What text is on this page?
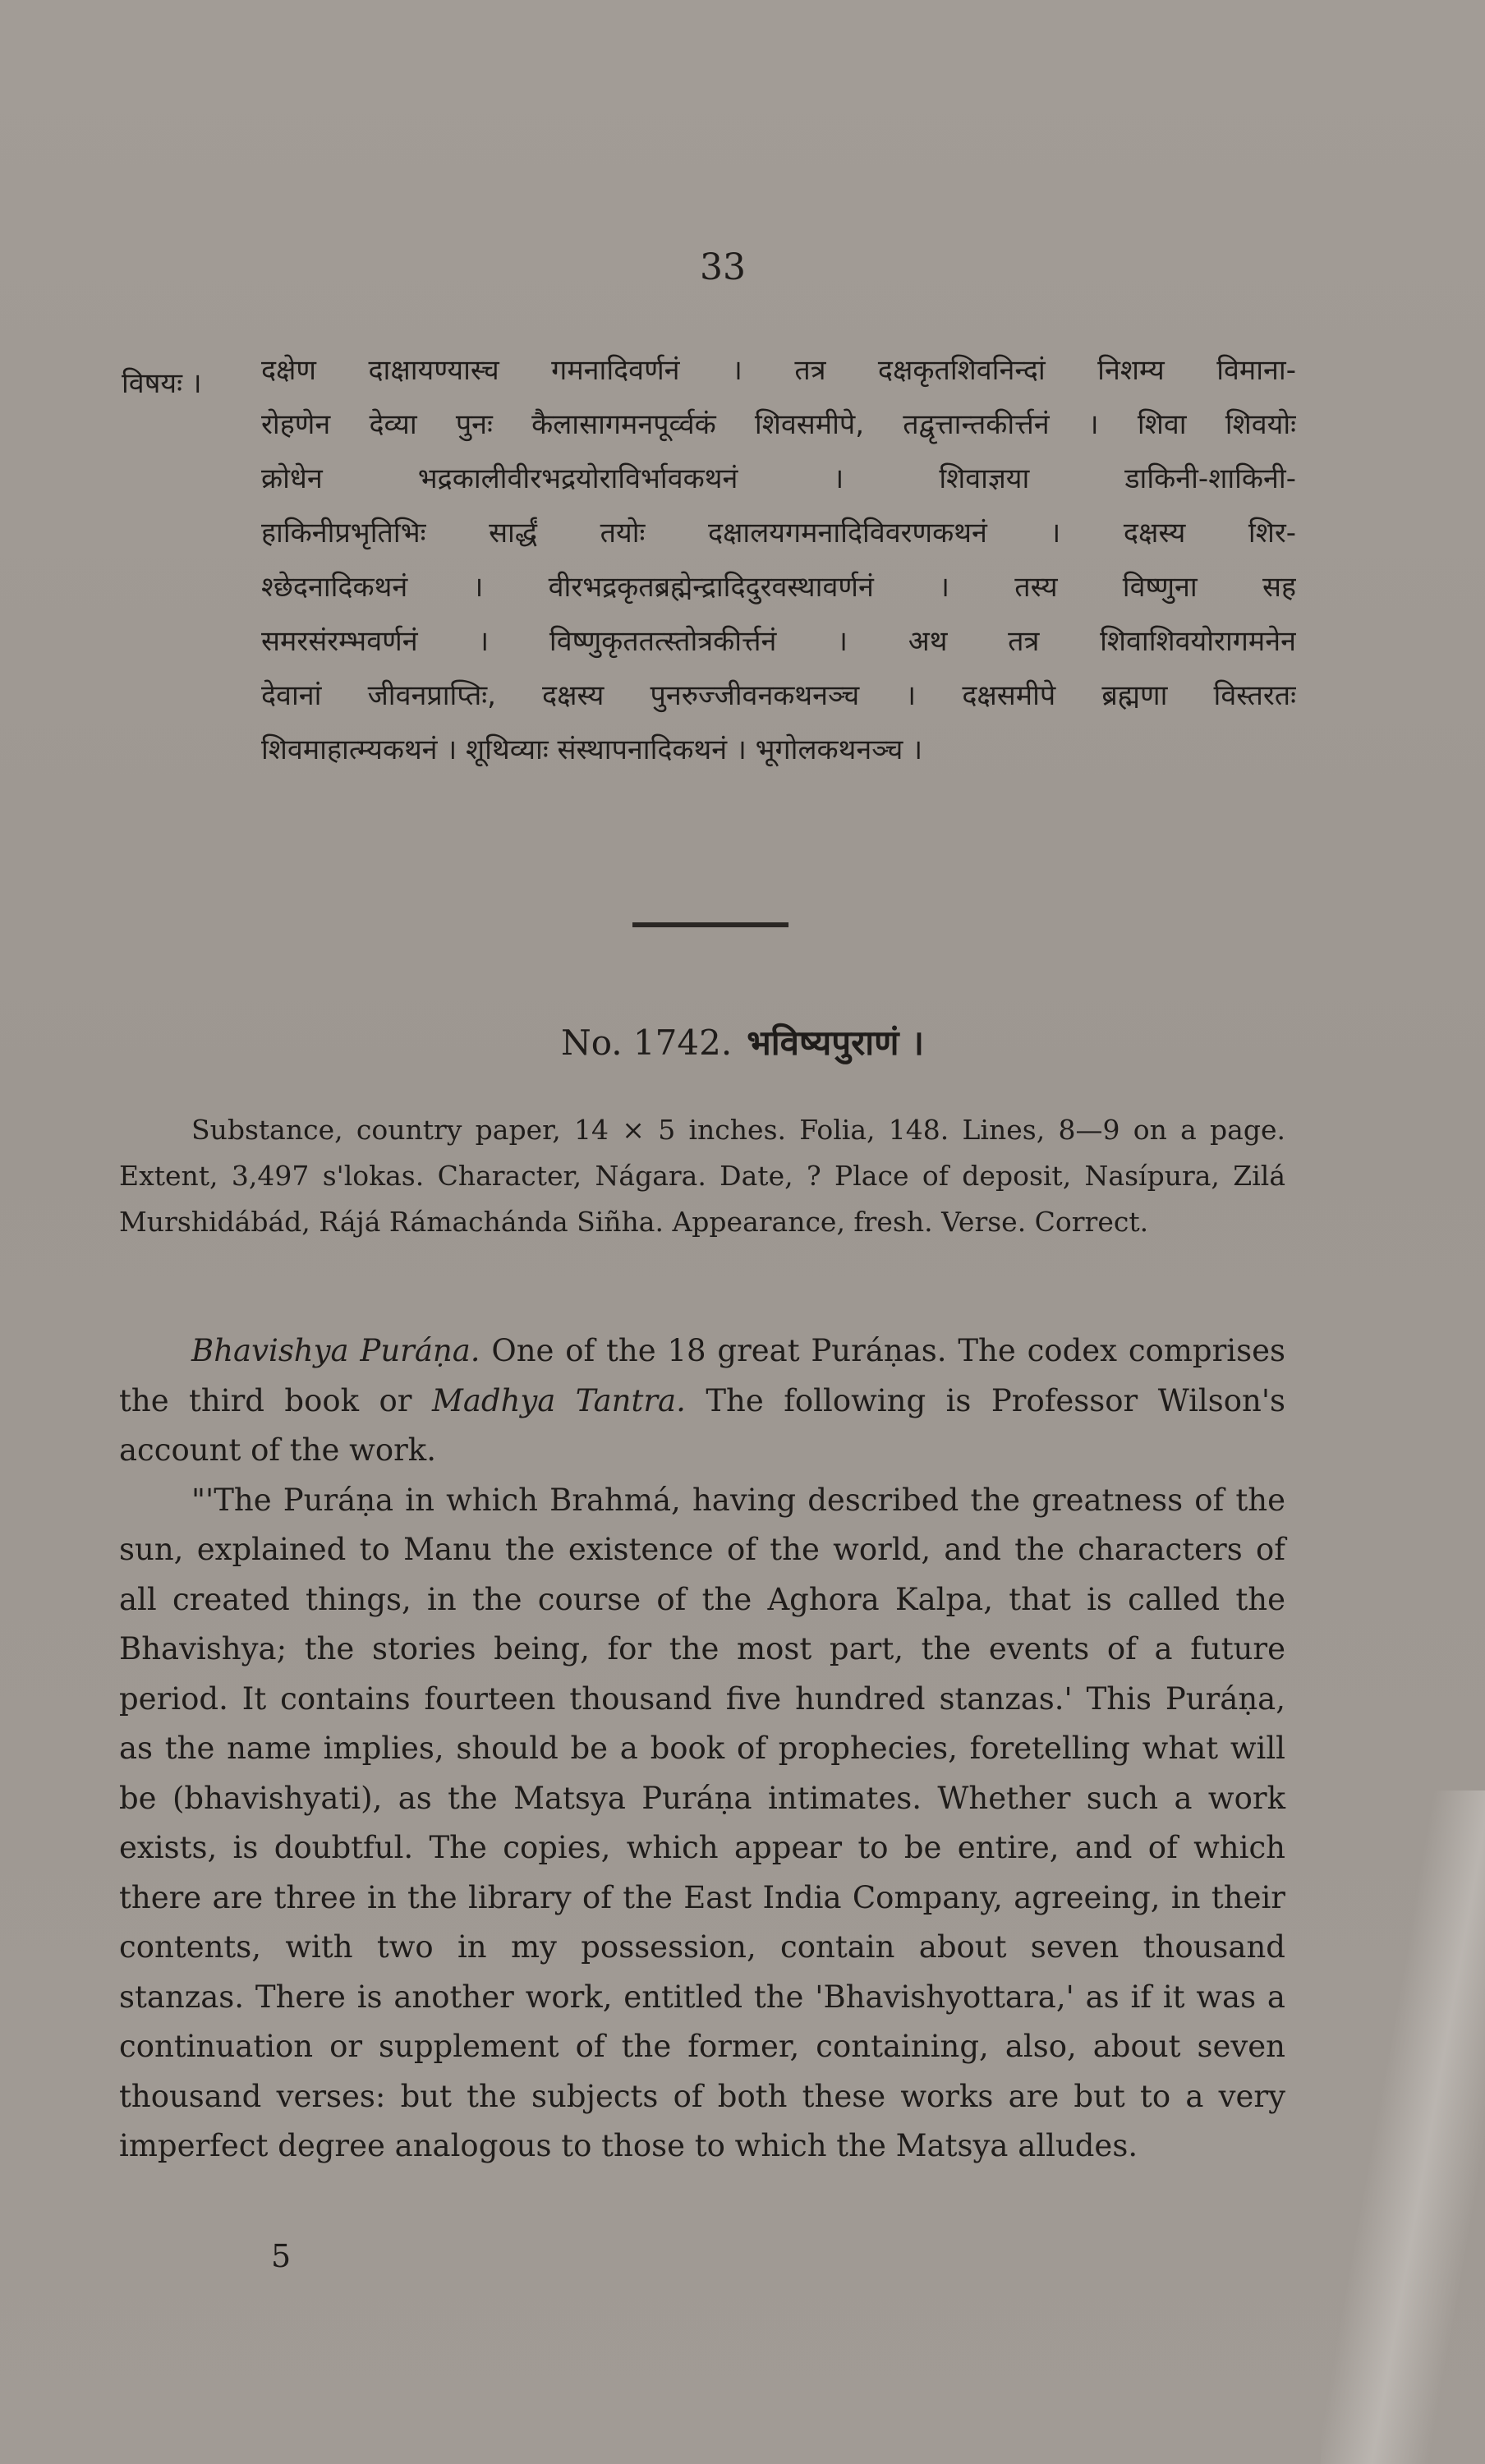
33
विषयः । दक्षेण दाक्षायण्यास्च गमनादिवर्णनं । तत्र दक्षकृतशिवनिन्दां निशम्य विमाना-
रोहणेन देव्या पुनः कैलासागमनपूर्व्वकं शिवसमीपे, तद्वृत्तान्तकीर्त्तनं । शिवा शिवयोः
क्रोधेन भद्रकालीवीरभद्रयोराविर्भावकथनं । शिवाज्ञया डाकिनी-शाकिनी-
हाकिनीप्रभृतिभिः सार्द्धं तयोः दक्षालयगमनादिविवरणकथनं । दक्षस्य शिर-
श्छेदनादिकथनं । वीरभद्रकृतब्रह्मेन्द्रादिदुरवस्थावर्णनं । तस्य विष्णुना सह
समरसंरम्भवर्णनं । विष्णुकृततत्स्तोत्रकीर्त्तनं । अथ तत्र शिवाशिवयोरागमनेन
देवानां जीवनप्राप्तिः, दक्षस्य पुनरुज्जीवनकथनञ्च । दक्षसमीपे ब्रह्मणा विस्तरतः
शिवमाहात्म्यकथनं । शूथिव्याः संस्थापनादिकथनं । भूगोलकथनञ्च ।
No. 1742. भविष्यपुराणं ।
Substance, country paper, 14 × 5 inches. Folia, 148. Lines, 8—9 on a page. Extent, 3,497 s'lokas. Character, Nágara. Date, ? Place of deposit, Nasípura, Zilá Murshidábád, Rájá Rámachánda Siñha. Appearance, fresh. Verse. Correct.

Bhavishya Puráṇa. One of the 18 great Puráṇas. The codex comprises the third book or Madhya Tantra. The following is Professor Wilson's account of the work.

"'The Puráṇa in which Brahmá, having described the greatness of the sun, explained to Manu the existence of the world, and the characters of all created things, in the course of the Aghora Kalpa, that is called the Bhavishya; the stories being, for the most part, the events of a future period. It contains fourteen thousand five hundred stanzas.' This Puráṇa, as the name implies, should be a book of prophecies, foretelling what will be (bhavishyati), as the Matsya Puráṇa intimates. Whether such a work exists, is doubtful. The copies, which appear to be entire, and of which there are three in the library of the East India Company, agreeing, in their contents, with two in my possession, contain about seven thousand stanzas. There is another work, entitled the 'Bhavishyottara,' as if it was a continuation or supplement of the former, containing, also, about seven thousand verses: but the subjects of both these works are but to a very imperfect degree analogous to those to which the Matsya alludes.

5
